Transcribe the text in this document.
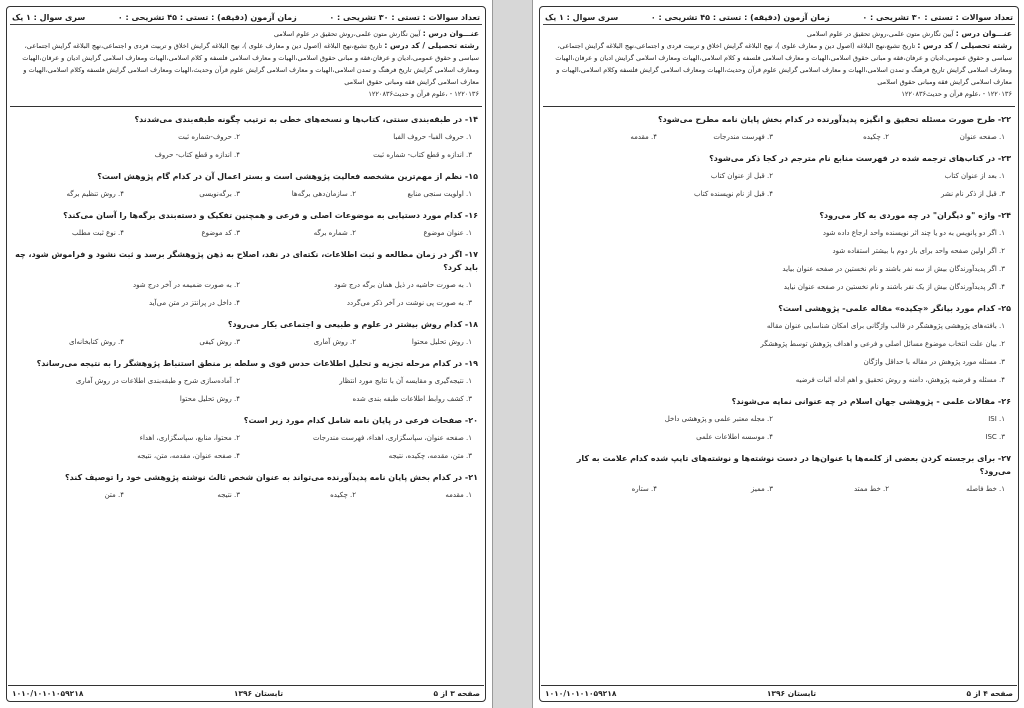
تعداد سوالات : تستی : ۳۰ تشریحی : ۰
زمان آزمون (دقیقه) : تستی : ۴۵ تشریحی : ۰
سری سوال : ۱ یک
عنـــوان درس : آیین نگارش متون علمی،روش تحقیق در علوم اسلامی
رشته تحصیلی / کد درس : تاریخ تشیع،نهج البلاغه (اصول دین و معارف علوی )، نهج البلاغه گرایش اخلاق و تربیت فردی و اجتماعی،نهج البلاغه گرایش اجتماعی، سیاسی و حقوق عمومی،ادیان و عرفان،فقه و مبانی حقوق اسلامی،الهیات و معارف اسلامی فلسفه و کلام اسلامی،الهیات ومعارف اسلامی گرایش ادیان و عرفان،الهیات ومعارف اسلامی گرایش تاریخ فرهنگ و تمدن اسلامی،الهیات و معارف اسلامی گرایش علوم قرآن وحدیث،الهیات ومعارف اسلامی گرایش فلسفه وکلام اسلامی،الهیات و معارف اسلامی گرایش فقه ومبانی حقوق اسلامی
۱۲۲۰۱۳۶ - ،علوم قرآن و حدیث۱۲۲۰۸۳۶
۱۴- در طبقه‌بندی سنتی، کتاب‌ها و نسخه‌های خطی به ترتیب چگونه طبقه‌بندی می‌شدند؟
۱. حروف الفبا- حروف الفبا
۲. حروف-شماره ثبت
۳. اندازه و قطع کتاب- شماره ثبت
۴. اندازه و قطع کتاب- حروف
۱۵- نظم از مهم‌ترین مشخصه فعالیت پژوهشی است و بستر اعمال آن در کدام گام پژوهش است؟
۱. اولویت سنجی منابع
۲. سازمان‌دهی برگه‌ها
۳. برگه‌نویسی
۴. روش تنظیم برگه
۱۶- کدام مورد دستیابی به موضوعات اصلی و فرعی و همچنین تفکیک و دسته‌بندی برگه‌ها را آسان می‌کند؟
۱. عنوان موضوع
۲. شماره برگه
۳. کد موضوع
۴. نوع ثبت مطلب
۱۷- اگر در زمان مطالعه و ثبت اطلاعات، نکته‌ای در نقد، اصلاح به ذهن پژوهشگر برسد و ثبت نشود و فراموش شود، چه باید کرد؟
۱. به صورت حاشیه در ذیل همان برگه درج شود
۲. به صورت ضمیمه در آخر درج شود
۳. به صورت پی نوشت در آخر ذکر می‌گردد
۴. داخل در پرانتز در متن می‌آید
۱۸- کدام روش بیشتر در علوم و طبیعی و اجتماعی بکار می‌رود؟
۱. روش تحلیل محتوا
۲. روش آماری
۳. روش کیفی
۴. روش کتابخانه‌ای
۱۹- در کدام مرحله تجزیه و تحلیل اطلاعات حدس قوی و سلطه بر منطق استنباط پژوهشگر را به نتیجه می‌رساند؟
۱. نتیجه‌گیری و مقایسه آن با نتایج مورد انتظار
۲. آماده‌سازی شرح و طبقه‌بندی اطلاعات در روش آماری
۳. کشف روابط اطلاعات طبقه بندی شده
۴. روش تحلیل محتوا
۲۰- صفحات فرعی در پایان نامه شامل کدام مورد زیر است؟
۱. صفحه عنوان، سپاسگزاری، اهداء، فهرست مندرجات
۲. محتوا، منابع، سپاسگزاری، اهداء
۳. متن، مقدمه، چکیده، نتیجه
۴. صفحه عنوان، مقدمه، متن، نتیجه
۲۱- در کدام بخش پایان نامه پدیدآورنده می‌تواند به عنوان شخص ثالث نوشته پژوهشی خود را توصیف کند؟
۱. مقدمه
۲. چکیده
۳. نتیجه
۴. متن
صفحه ۳ از ۵
تابستان ۱۳۹۶
۱۰۱۰/۱۰۱۰۱۰۵۹۲۱۸
تعداد سوالات : تستی : ۳۰ تشریحی : ۰
زمان آزمون (دقیقه) : تستی : ۴۵ تشریحی : ۰
سری سوال : ۱ یک
عنـــوان درس : آیین نگارش متون علمی،روش تحقیق در علوم اسلامی
رشته تحصیلی / کد درس : تاریخ تشیع،نهج البلاغه (اصول دین و معارف علوی )، نهج البلاغه گرایش اخلاق و تربیت فردی و اجتماعی،نهج البلاغه گرایش اجتماعی، سیاسی و حقوق عمومی،ادیان و عرفان،فقه و مبانی حقوق اسلامی،الهیات و معارف اسلامی فلسفه و کلام اسلامی،الهیات ومعارف اسلامی گرایش ادیان و عرفان،الهیات ومعارف اسلامی گرایش تاریخ فرهنگ و تمدن اسلامی،الهیات و معارف اسلامی گرایش علوم قرآن وحدیث،الهیات ومعارف اسلامی گرایش فلسفه وکلام اسلامی،الهیات و معارف اسلامی گرایش فقه ومبانی حقوق اسلامی
۱۲۲۰۱۳۶ - ،علوم قرآن و حدیث۱۲۲۰۸۳۶
۲۲- طرح صورت مسئله تحقیق و انگیزه پدیدآورنده در کدام بخش پایان نامه مطرح می‌شود؟
۱. صفحه عنوان
۲. چکیده
۳. فهرست مندرجات
۴. مقدمه
۲۳- در کتاب‌های ترجمه شده در فهرست منابع نام مترجم در کجا ذکر می‌شود؟
۱. بعد از عنوان کتاب
۲. قبل از عنوان کتاب
۳. قبل از ذکر نام نشر
۴. قبل از نام نویسنده کتاب
۲۴- واژه "و دیگران" در چه موردی به کار می‌رود؟
۱. اگر دو پانویس به دو یا چند اثر نویسنده واحد ارجاع داده شود
۲. اگر اولین صفحه واحد برای بار دوم با بیشتر استفاده شود
۳. اگر پدیدآورندگان بیش از سه نفر باشند و نام نخستین در صفحه عنوان بیاید
۴. اگر پدیدآورندگان بیش از یک نفر باشند و نام نخستین در صفحه عنوان نیاید
۲۵- کدام مورد بیانگر «چکیده» مقاله علمی- پژوهشی است؟
۱. بافته‌های پژوهشی پژوهشگر در قالب واژگانی برای امکان شناسایی عنوان مقاله
۲. بیان علت انتخاب موضوع مسائل اصلی و فرعی و اهداف پژوهش توسط پژوهشگر
۳. مسئله مورد پژوهش در مقاله با حداقل واژگان
۴. مسئله و فرضیه پژوهش، دامنه و روش تحقیق و اهم ادله اثبات فرضیه
۲۶- مقالات علمی - پژوهشی جهان اسلام در چه عنوانی نمایه می‌شوند؟
۱. ISI
۲. مجله معتبر علمی و پژوهشی داخل
۳. ISC
۴. موسسه اطلاعات علمی
۲۷- برای برجسته کردن بعضی از کلمه‌ها یا عنوان‌ها در دست نوشته‌ها و نوشته‌های تایپ شده کدام علامت به کار می‌رود؟
۱. خط فاصله
۲. خط ممتد
۳. ممیز
۴. ستاره
صفحه ۴ از ۵
تابستان ۱۳۹۶
۱۰۱۰/۱۰۱۰۱۰۵۹۲۱۸
